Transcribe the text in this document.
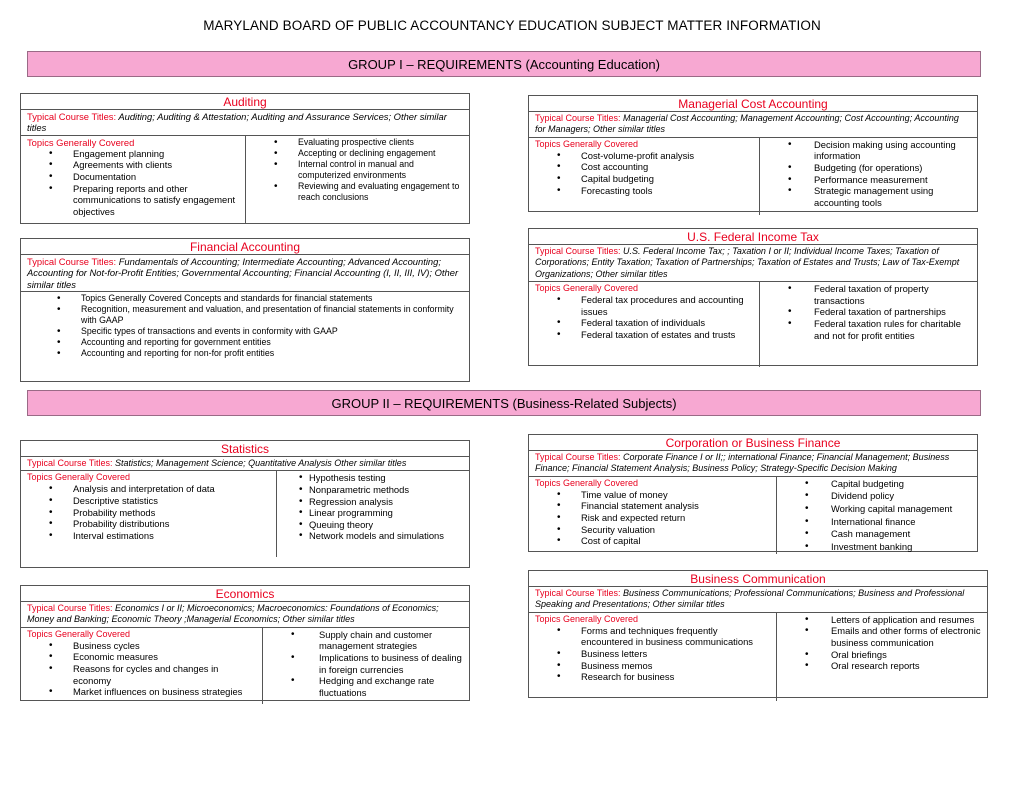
MARYLAND BOARD OF PUBLIC ACCOUNTANCY EDUCATION SUBJECT MATTER INFORMATION
GROUP I – REQUIREMENTS (Accounting Education)
Auditing
Typical Course Titles: Auditing; Auditing & Attestation; Auditing and Assurance Services; Other similar titles
Topics Generally Covered
• Engagement planning
• Agreements with clients
• Documentation
• Preparing reports and other communications to satisfy engagement objectives
• Evaluating prospective clients
• Accepting or declining engagement
• Internal control in manual and computerized environments
• Reviewing and evaluating engagement to reach conclusions
Financial Accounting
Typical Course Titles: Fundamentals of Accounting; Intermediate Accounting; Advanced Accounting; Accounting for Not-for-Profit Entities; Governmental Accounting; Financial Accounting (I, II, III, IV); Other similar titles
• Topics Generally Covered Concepts and standards for financial statements
• Recognition, measurement and valuation, and presentation of financial statements in conformity with GAAP
• Specific types of transactions and events in conformity with GAAP
• Accounting and reporting for government entities
• Accounting and reporting for non-for profit entities
Managerial Cost Accounting
Typical Course Titles: Managerial Cost Accounting; Management Accounting; Cost Accounting; Accounting for Managers; Other similar titles
Topics Generally Covered
• Cost-volume-profit analysis
• Cost accounting
• Capital budgeting
• Forecasting tools
• Decision making using accounting information
• Budgeting (for operations)
• Performance measurement
• Strategic management using accounting tools
U.S. Federal Income Tax
Typical Course Titles: U.S. Federal Income Tax; ; Taxation I or II; Individual Income Taxes; Taxation of Corporations; Entity Taxation; Taxation of Partnerships; Taxation of Estates and Trusts; Law of Tax-Exempt Organizations; Other similar titles
Topics Generally Covered
• Federal tax procedures and accounting issues
• Federal taxation of individuals
• Federal taxation of estates and trusts
• Federal taxation of property transactions
• Federal taxation of partnerships
• Federal taxation rules for charitable and not for profit entities
GROUP II – REQUIREMENTS (Business-Related Subjects)
Statistics
Typical Course Titles: Statistics; Management Science; Quantitative Analysis Other similar titles
Topics Generally Covered
• Analysis and interpretation of data
• Descriptive statistics
• Probability methods
• Probability distributions
• Interval estimations
• Hypothesis testing
• Nonparametric methods
• Regression analysis
• Linear programming
• Queuing theory
• Network models and simulations
Economics
Typical Course Titles: Economics I or II; Microeconomics; Macroeconomics: Foundations of Economics; Money and Banking; Economic Theory ;Managerial Economics; Other similar titles
Topics Generally Covered
• Business cycles
• Economic measures
• Reasons for cycles and changes in economy
• Market influences on business strategies
• Supply chain and customer management strategies
• Implications to business of dealing in foreign currencies
• Hedging and exchange rate fluctuations
Corporation or Business Finance
Typical Course Titles: Corporate Finance I or II;; international Finance; Financial Management; Business Finance; Financial Statement Analysis; Business Policy; Strategy-Specific Decision Making
Topics Generally Covered
• Time value of money
• Financial statement analysis
• Risk and expected return
• Security valuation
• Cost of capital
• Capital budgeting
• Dividend policy
• Working capital management
• International finance
• Cash management
• Investment banking
Business Communication
Typical Course Titles: Business Communications; Professional Communications; Business and Professional Speaking and Presentations; Other similar titles
Topics Generally Covered
• Forms and techniques frequently encountered in business communications
• Business letters
• Business memos
• Research for business
• Letters of application and resumes
• Emails and other forms of electronic business communication
• Oral briefings
• Oral research reports
